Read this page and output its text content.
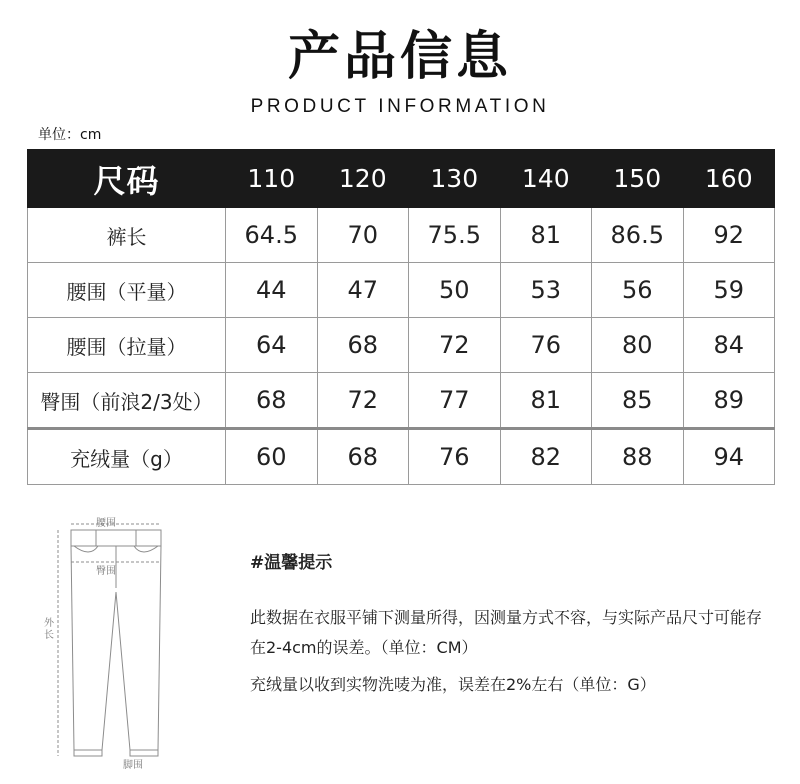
产品信息
PRODUCT INFORMATION
单位：cm
尺码	110	120	130	140	150	160
裤长	64.5	70	75.5	81	86.5	92
腰围（平量）	44	47	50	53	56	59
腰围（拉量）	64	68	72	76	80	84
臀围（前浪2/3处）	68	72	77	81	85	89
充绒量（g）	60	68	76	82	88	94
腰围
臀围
外长
脚围
#温馨提示

此数据在衣服平铺下测量所得，因测量方式不容，与实际产品尺寸可能存在2-4cm的误差。（单位：CM）

充绒量以收到实物洗唛为准，误差在2%左右（单位：G）
